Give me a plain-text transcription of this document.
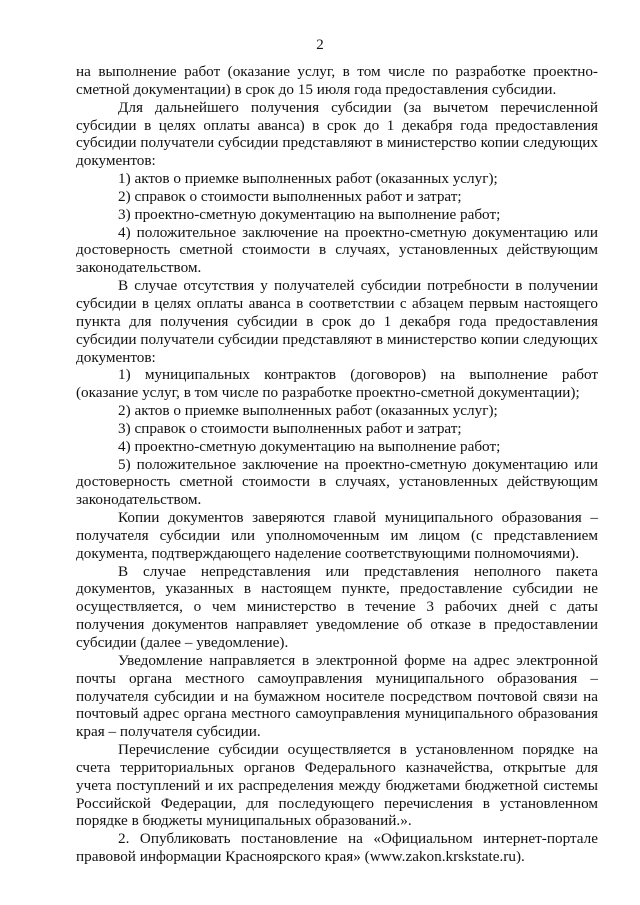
2

на выполнение работ (оказание услуг, в том числе по разработке проектно-сметной документации) в срок до 15 июля года предоставления субсидии.

Для дальнейшего получения субсидии (за вычетом перечисленной субсидии в целях оплаты аванса) в срок до 1 декабря года предоставления субсидии получатели субсидии представляют в министерство копии следующих документов:

1) актов о приемке выполненных работ (оказанных услуг);

2) справок о стоимости выполненных работ и затрат;

3) проектно-сметную документацию на выполнение работ;

4) положительное заключение на проектно-сметную документацию или достоверность сметной стоимости в случаях, установленных действующим законодательством.

В случае отсутствия у получателей субсидии потребности в получении субсидии в целях оплаты аванса в соответствии с абзацем первым настоящего пункта для получения субсидии в срок до 1 декабря года предоставления субсидии получатели субсидии представляют в министерство копии следующих документов:

1) муниципальных контрактов (договоров) на выполнение работ (оказание услуг, в том числе по разработке проектно-сметной документации);

2) актов о приемке выполненных работ (оказанных услуг);

3) справок о стоимости выполненных работ и затрат;

4) проектно-сметную документацию на выполнение работ;

5) положительное заключение на проектно-сметную документацию или достоверность сметной стоимости в случаях, установленных действующим законодательством.

Копии документов заверяются главой муниципального образования – получателя субсидии или уполномоченным им лицом (с представлением документа, подтверждающего наделение соответствующими полномочиями).

В случае непредставления или представления неполного пакета документов, указанных в настоящем пункте, предоставление субсидии не осуществляется, о чем министерство в течение 3 рабочих дней с даты получения документов направляет уведомление об отказе в предоставлении субсидии (далее – уведомление).

Уведомление направляется в электронной форме на адрес электронной почты органа местного самоуправления муниципального образования – получателя субсидии и на бумажном носителе посредством почтовой связи на почтовый адрес органа местного самоуправления муниципального образования края – получателя субсидии.

Перечисление субсидии осуществляется в установленном порядке на счета территориальных органов Федерального казначейства, открытые для учета поступлений и их распределения между бюджетами бюджетной системы Российской Федерации, для последующего перечисления в установленном порядке в бюджеты муниципальных образований.».

2. Опубликовать постановление на «Официальном интернет-портале правовой информации Красноярского края» (www.zakon.krskstate.ru).
